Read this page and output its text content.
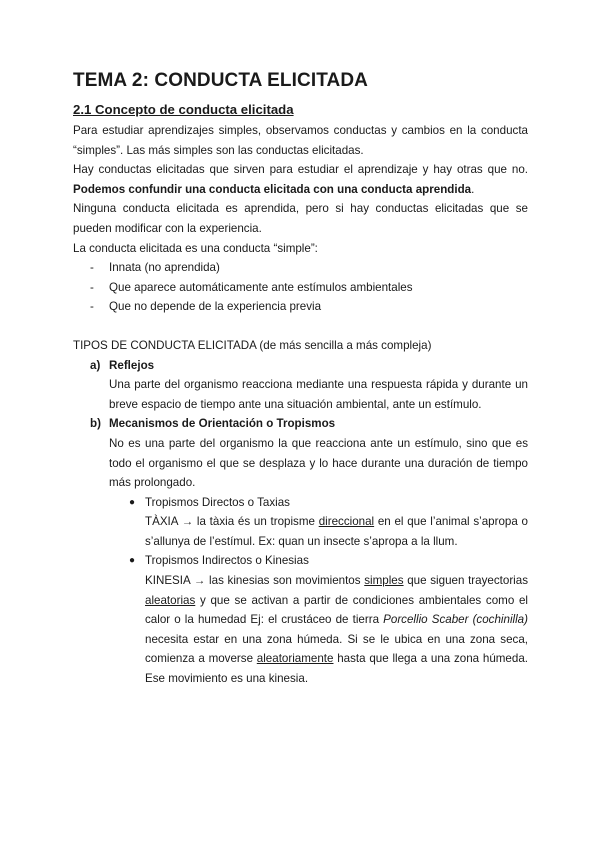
TEMA 2: CONDUCTA ELICITADA
2.1 Concepto de conducta elicitada

Para estudiar aprendizajes simples, observamos conductas y cambios en la conducta “simples”. Las más simples son las conductas elicitadas.

Hay conductas elicitadas que sirven para estudiar el aprendizaje y hay otras que no. Podemos confundir una conducta elicitada con una conducta aprendida.

Ninguna conducta elicitada es aprendida, pero si hay conductas elicitadas que se pueden modificar con la experiencia.

La conducta elicitada es una conducta “simple”:

- Innata (no aprendida)
- Que aparece automáticamente ante estímulos ambientales
- Que no depende de la experiencia previa

TIPOS DE CONDUCTA ELICITADA (de más sencilla a más compleja)

a) Reflejos

Una parte del organismo reacciona mediante una respuesta rápida y durante un breve espacio de tiempo ante una situación ambiental, ante un estímulo.

b) Mecanismos de Orientación o Tropismos

No es una parte del organismo la que reacciona ante un estímulo, sino que es todo el organismo el que se desplaza y lo hace durante una duración de tiempo más prolongado.

● Tropismos Directos o Taxias

TÀXIA → la tàxia és un tropisme direccional en el que l’animal s’apropa o s’allunya de l’estímul. Ex: quan un insecte s’apropa a la llum.

● Tropismos Indirectos o Kinesias

KINESIA → las kinesias son movimientos simples que siguen trayectorias aleatorias y que se activan a partir de condiciones ambientales como el calor o la humedad Ej: el crustáceo de tierra Porcellio Scaber (cochinilla) necesita estar en una zona húmeda. Si se le ubica en una zona seca, comienza a moverse aleatoriamente hasta que llega a una zona húmeda. Ese movimiento es una kinesia.
